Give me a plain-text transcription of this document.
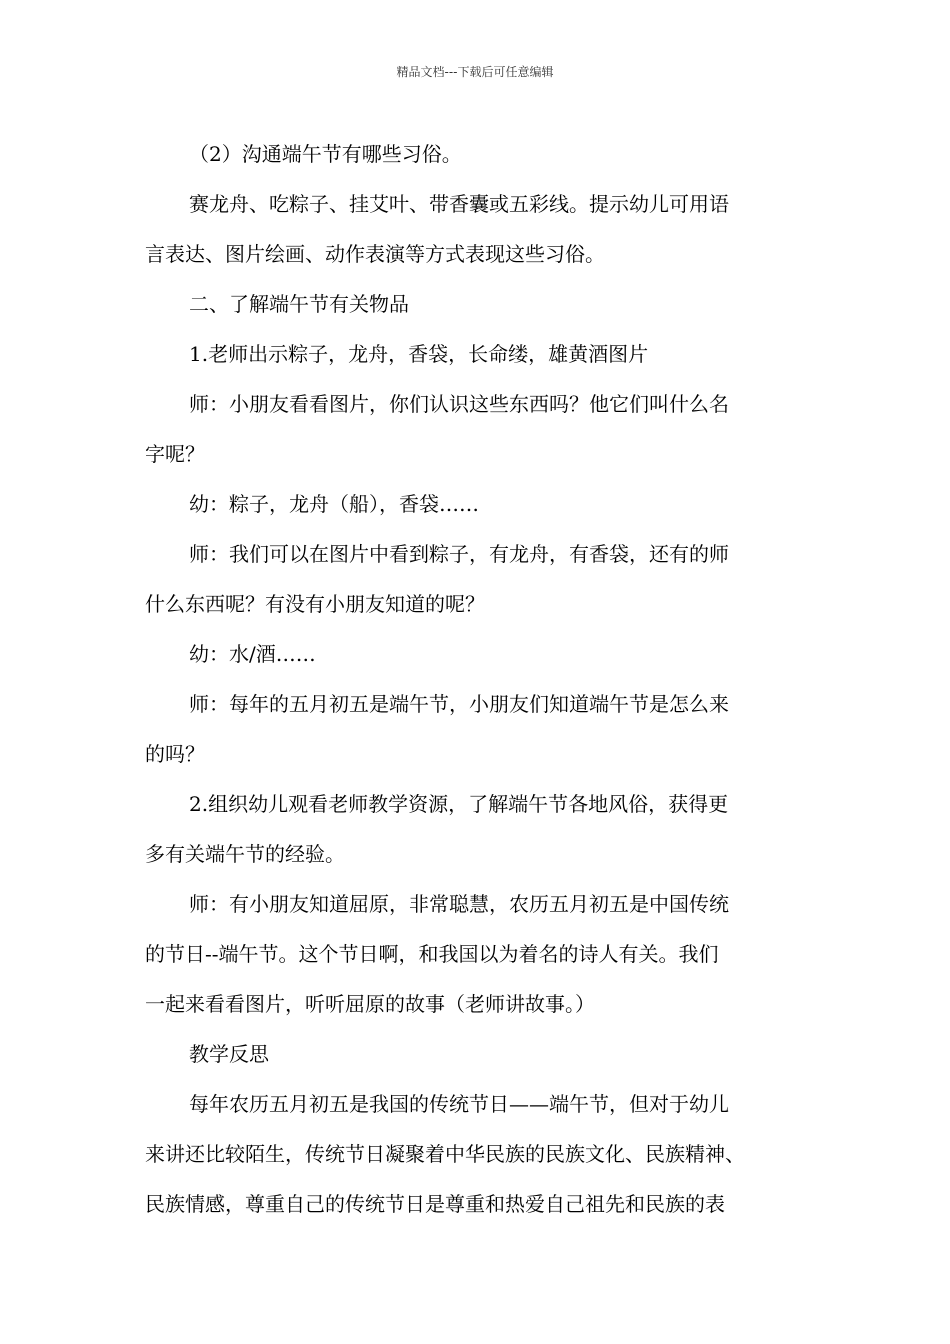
精品文档---下载后可任意编辑
（2）沟通端午节有哪些习俗。
赛龙舟、吃粽子、挂艾叶、带香囊或五彩线。提示幼儿可用语
言表达、图片绘画、动作表演等方式表现这些习俗。
二、了解端午节有关物品
1.老师出示粽子，龙舟，香袋，长命缕，雄黄酒图片
师：小朋友看看图片，你们认识这些东西吗？他它们叫什么名
字呢？
幼：粽子，龙舟（船），香袋……
师：我们可以在图片中看到粽子，有龙舟，有香袋，还有的师
什么东西呢？有没有小朋友知道的呢？
幼：水/酒……
师：每年的五月初五是端午节，小朋友们知道端午节是怎么来
的吗？
2.组织幼儿观看老师教学资源，了解端午节各地风俗，获得更
多有关端午节的经验。
师：有小朋友知道屈原，非常聪慧，农历五月初五是中国传统
的节日--端午节。这个节日啊，和我国以为着名的诗人有关。我们
一起来看看图片，听听屈原的故事（老师讲故事。）
教学反思
每年农历五月初五是我国的传统节日——端午节，但对于幼儿
来讲还比较陌生，传统节日凝聚着中华民族的民族文化、民族精神、
民族情感，尊重自己的传统节日是尊重和热爱自己祖先和民族的表
